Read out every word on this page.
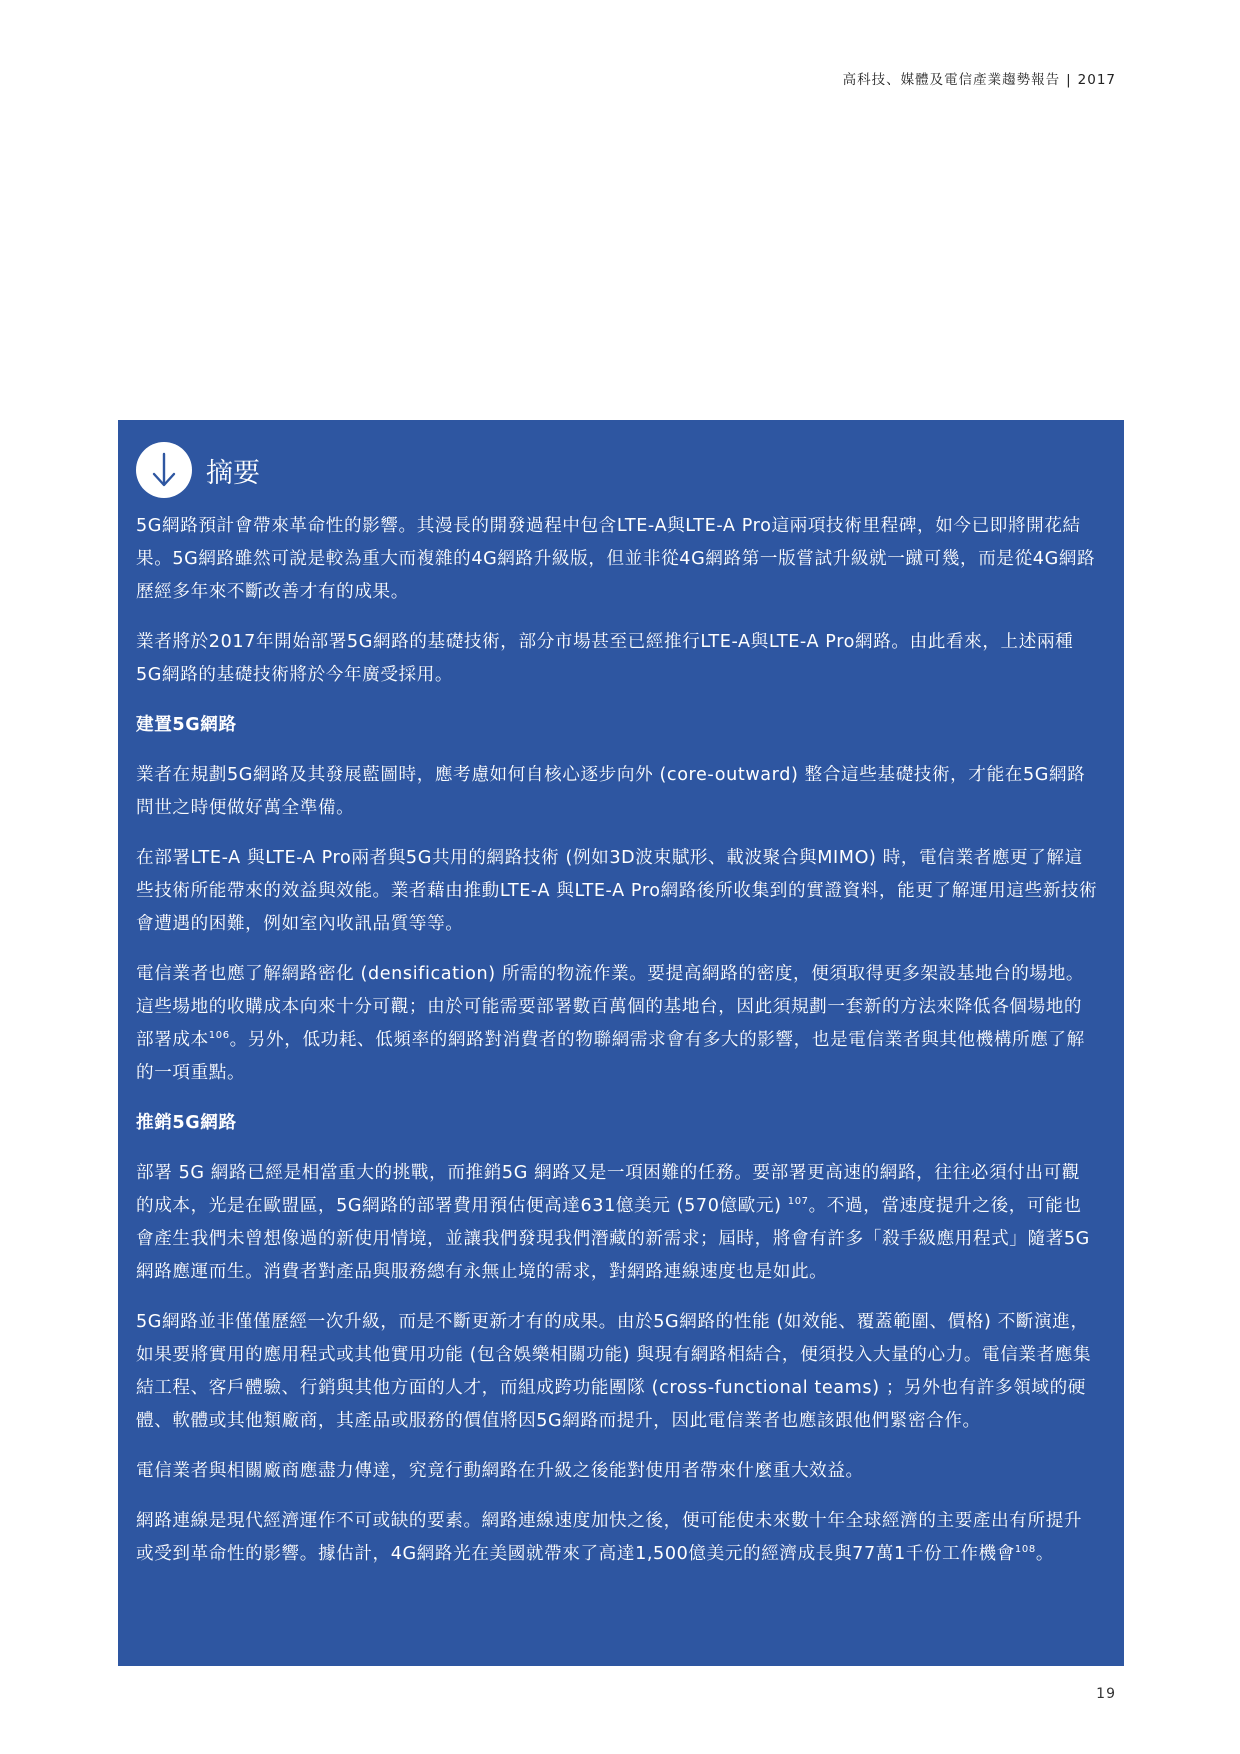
高科技、媒體及電信產業趨勢報告 | 2017
摘要

5G網路預計會帶來革命性的影響。其漫長的開發過程中包含LTE-A與LTE-A Pro這兩項技術里程碑，如今已即將開花結果。5G網路雖然可說是較為重大而複雜的4G網路升級版，但並非從4G網路第一版嘗試升級就一蹴可幾，而是從4G網路歷經多年來不斷改善才有的成果。

業者將於2017年開始部署5G網路的基礎技術，部分市場甚至已經推行LTE-A與LTE-A Pro網路。由此看來，上述兩種5G網路的基礎技術將於今年廣受採用。

建置5G網路

業者在規劃5G網路及其發展藍圖時，應考慮如何自核心逐步向外 (core-outward) 整合這些基礎技術，才能在5G網路問世之時便做好萬全準備。

在部署LTE-A 與LTE-A Pro兩者與5G共用的網路技術 (例如3D波束賦形、載波聚合與MIMO) 時，電信業者應更了解這些技術所能帶來的效益與效能。業者藉由推動LTE-A 與LTE-A Pro網路後所收集到的實證資料，能更了解運用這些新技術會遭遇的困難，例如室內收訊品質等等。

電信業者也應了解網路密化 (densification) 所需的物流作業。要提高網路的密度，便須取得更多架設基地台的場地。這些場地的收購成本向來十分可觀；由於可能需要部署數百萬個的基地台，因此須規劃一套新的方法來降低各個場地的部署成本$^{106}$。另外，低功耗、低頻率的網路對消費者的物聯網需求會有多大的影響，也是電信業者與其他機構所應了解的一項重點。

推銷5G網路

部署 5G 網路已經是相當重大的挑戰，而推銷5G 網路又是一項困難的任務。要部署更高速的網路，往往必須付出可觀的成本，光是在歐盟區，5G網路的部署費用預估便高達631億美元 (570億歐元) $^{107}$。不過，當速度提升之後，可能也會產生我們未曾想像過的新使用情境，並讓我們發現我們潛藏的新需求；屆時，將會有許多「殺手級應用程式」隨著5G網路應運而生。消費者對產品與服務總有永無止境的需求，對網路連線速度也是如此。

5G網路並非僅僅歷經一次升級，而是不斷更新才有的成果。由於5G網路的性能 (如效能、覆蓋範圍、價格) 不斷演進，如果要將實用的應用程式或其他實用功能 (包含娛樂相關功能) 與現有網路相結合，便須投入大量的心力。電信業者應集結工程、客戶體驗、行銷與其他方面的人才，而組成跨功能團隊 (cross-functional teams) ；另外也有許多領域的硬體、軟體或其他類廠商，其產品或服務的價值將因5G網路而提升，因此電信業者也應該跟他們緊密合作。

電信業者與相關廠商應盡力傳達，究竟行動網路在升級之後能對使用者帶來什麼重大效益。

網路連線是現代經濟運作不可或缺的要素。網路連線速度加快之後，便可能使未來數十年全球經濟的主要產出有所提升或受到革命性的影響。據估計，4G網路光在美國就帶來了高達1,500億美元的經濟成長與77萬1千份工作機會$^{108}$。

19
